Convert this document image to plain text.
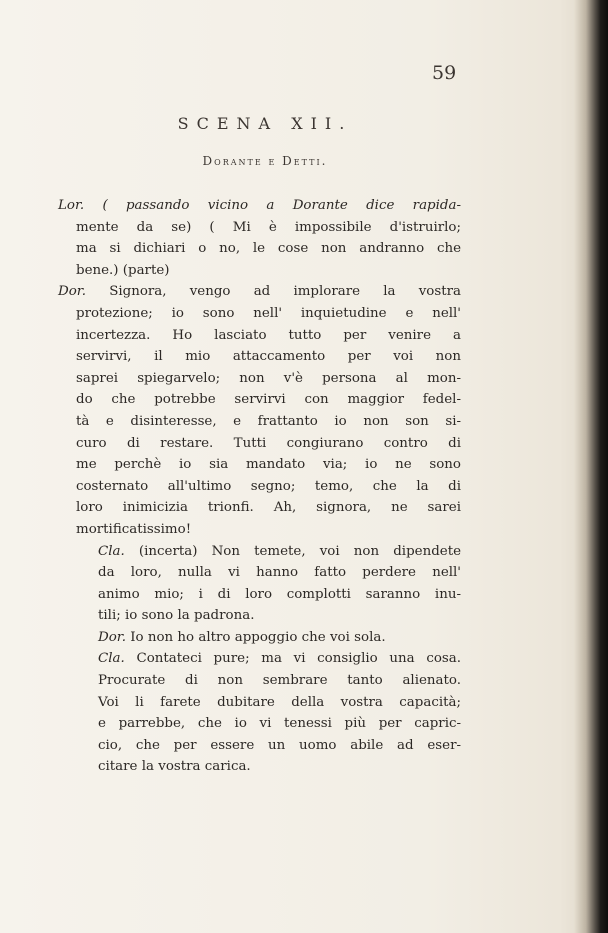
59
SCENA XII.
Dorante e Detti.
Lor. ( passando vicino a Dorante dice rapida-
mente da se) ( Mi è impossibile d'istruirlo;
ma si dichiari o no, le cose non andranno che
bene.) (parte)
Dor. Signora, vengo ad implorare la vostra
protezione; io sono nell' inquietudine e nell'
incertezza. Ho lasciato tutto per venire a
servirvi, il mio attaccamento per voi non
saprei spiegarvelo; non v'è persona al mon-
do che potrebbe servirvi con maggior fedel-
tà e disinteresse, e frattanto io non son si-
curo di restare. Tutti congiurano contro di
me perchè io sia mandato via; io ne sono
costernato all'ultimo segno; temo, che la di
loro inimicizia trionfi. Ah, signora, ne sarei
mortificatissimo!
Cla. (incerta) Non temete, voi non dipendete
da loro, nulla vi hanno fatto perdere nell'
animo mio; i di loro complotti saranno inu-
tili; io sono la padrona.
Dor. Io non ho altro appoggio che voi sola.
Cla. Contateci pure; ma vi consiglio una cosa.
Procurate di non sembrare tanto alienato.
Voi li farete dubitare della vostra capacità;
e parrebbe, che io vi tenessi più per capric-
cio, che per essere un uomo abile ad eser-
citare la vostra carica.
